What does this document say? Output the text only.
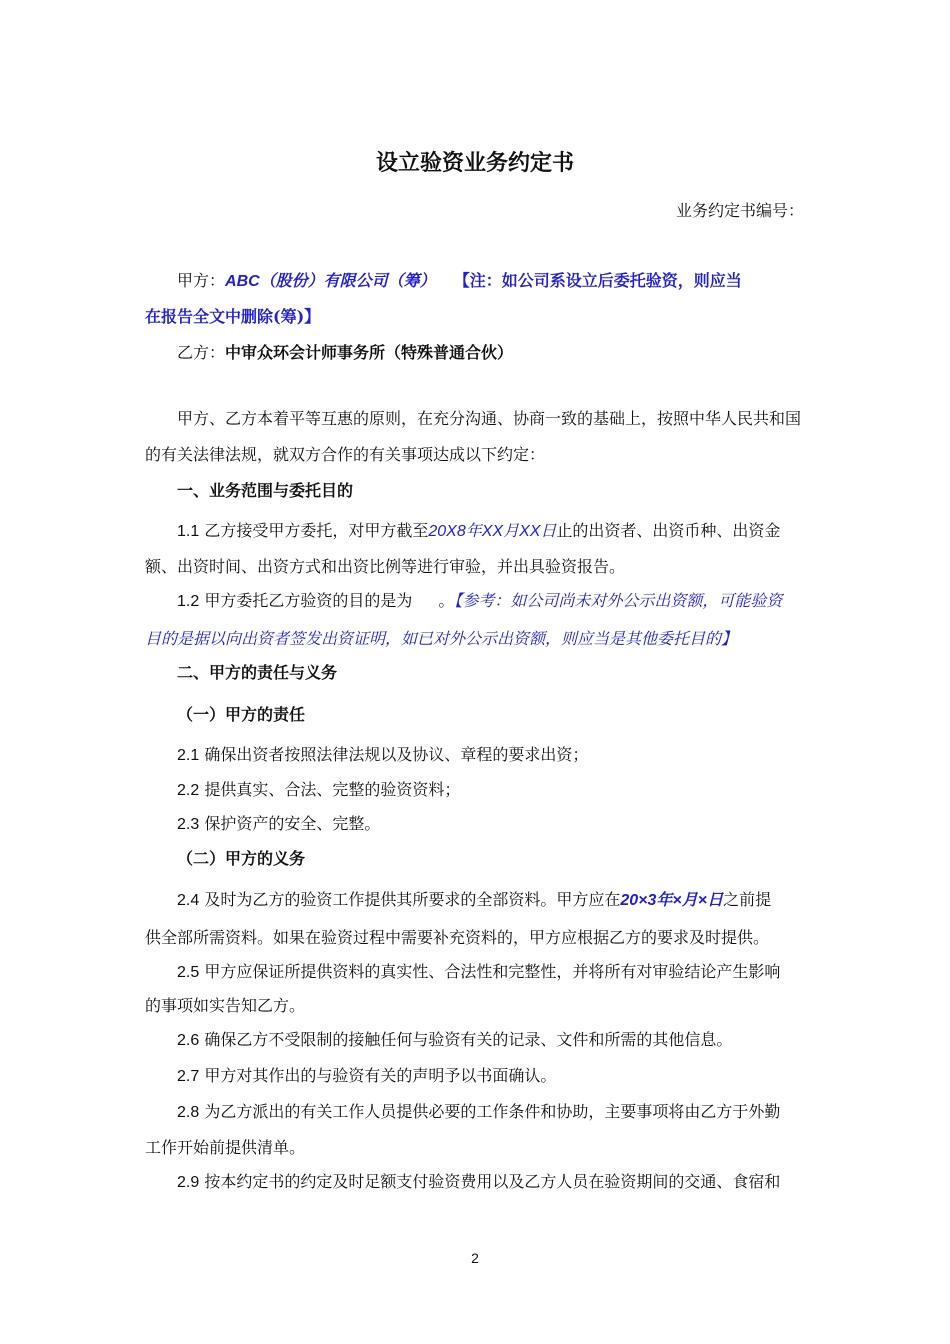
设立验资业务约定书
业务约定书编号：
甲方：ABC（股份）有限公司（筹） 【注：如公司系设立后委托验资，则应当
在报告全文中删除(筹)】
乙方：中审众环会计师事务所（特殊普通合伙）
甲方、乙方本着平等互惠的原则，在充分沟通、协商一致的基础上，按照中华人民共和国
的有关法律法规，就双方合作的有关事项达成以下约定：
一、业务范围与委托目的
1.1 乙方接受甲方委托，对甲方截至20X8年XX月XX日止的出资者、出资币种、出资金
额、出资时间、出资方式和出资比例等进行审验，并出具验资报告。
1.2 甲方委托乙方验资的目的是为 。【参考：如公司尚未对外公示出资额，可能验资
目的是据以向出资者签发出资证明，如已对外公示出资额，则应当是其他委托目的】
二、甲方的责任与义务
（一）甲方的责任
2.1 确保出资者按照法律法规以及协议、章程的要求出资；
2.2 提供真实、合法、完整的验资资料；
2.3 保护资产的安全、完整。
（二）甲方的义务
2.4 及时为乙方的验资工作提供其所要求的全部资料。甲方应在20×3年×月×日之前提
供全部所需资料。如果在验资过程中需要补充资料的，甲方应根据乙方的要求及时提供。
2.5 甲方应保证所提供资料的真实性、合法性和完整性，并将所有对审验结论产生影响
的事项如实告知乙方。
2.6 确保乙方不受限制的接触任何与验资有关的记录、文件和所需的其他信息。
2.7 甲方对其作出的与验资有关的声明予以书面确认。
2.8 为乙方派出的有关工作人员提供必要的工作条件和协助，主要事项将由乙方于外勤
工作开始前提供清单。
2.9 按本约定书的约定及时足额支付验资费用以及乙方人员在验资期间的交通、食宿和
2
